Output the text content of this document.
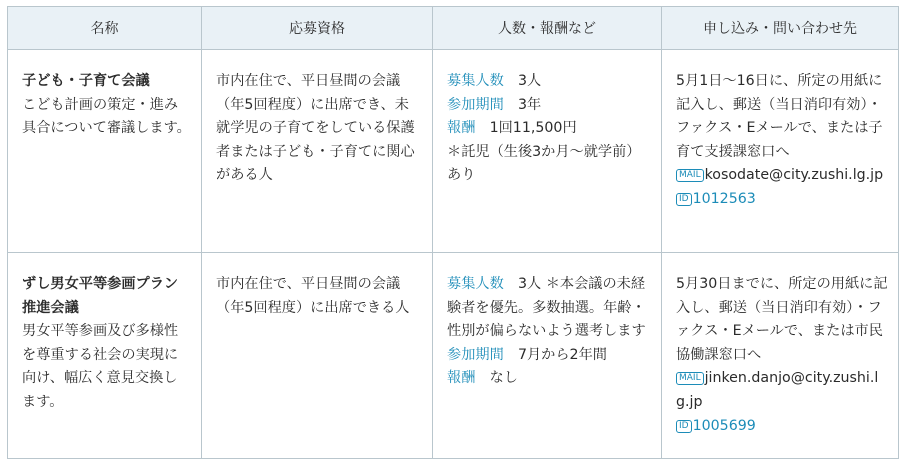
名称	応募資格	人数・報酬など	申し込み・問い合わせ先

子ども・子育て会議
こども計画の策定・進み具合について審議します。	市内在住で、平日昼間の会議（年5回程度）に出席でき、未就学児の子育てをしている保護者または子ども・子育てに関心がある人	募集人数　 3人
参加期間　 3年
報酬　 1回11,500円
＊託児（生後3か月～就学前）あり	5月1日～16日に、所定の用紙に記入し、郵送（当日消印有効）・ファクス・Eメールで、または子育て支援課窓口へ
MAIL kosodate@city.zushi.lg.jp
ID 1012563

ずし男女平等参画プラン推進会議
男女平等参画及び多様性を尊重する社会の実現に向け、幅広く意見交換します。	市内在住で、平日昼間の会議（年5回程度）に出席できる人	募集人数　 3人 ＊本会議の未経験者を優先。多数抽選。年齢・性別が偏らないよう選考します
参加期間　 7月から2年間
報酬　 なし	5月30日までに、所定の用紙に記入し、郵送（当日消印有効）・ファクス・Eメールで、または市民協働課窓口へ
MAIL jinken.danjo@city.zushi.lg.jp
ID 1005699
